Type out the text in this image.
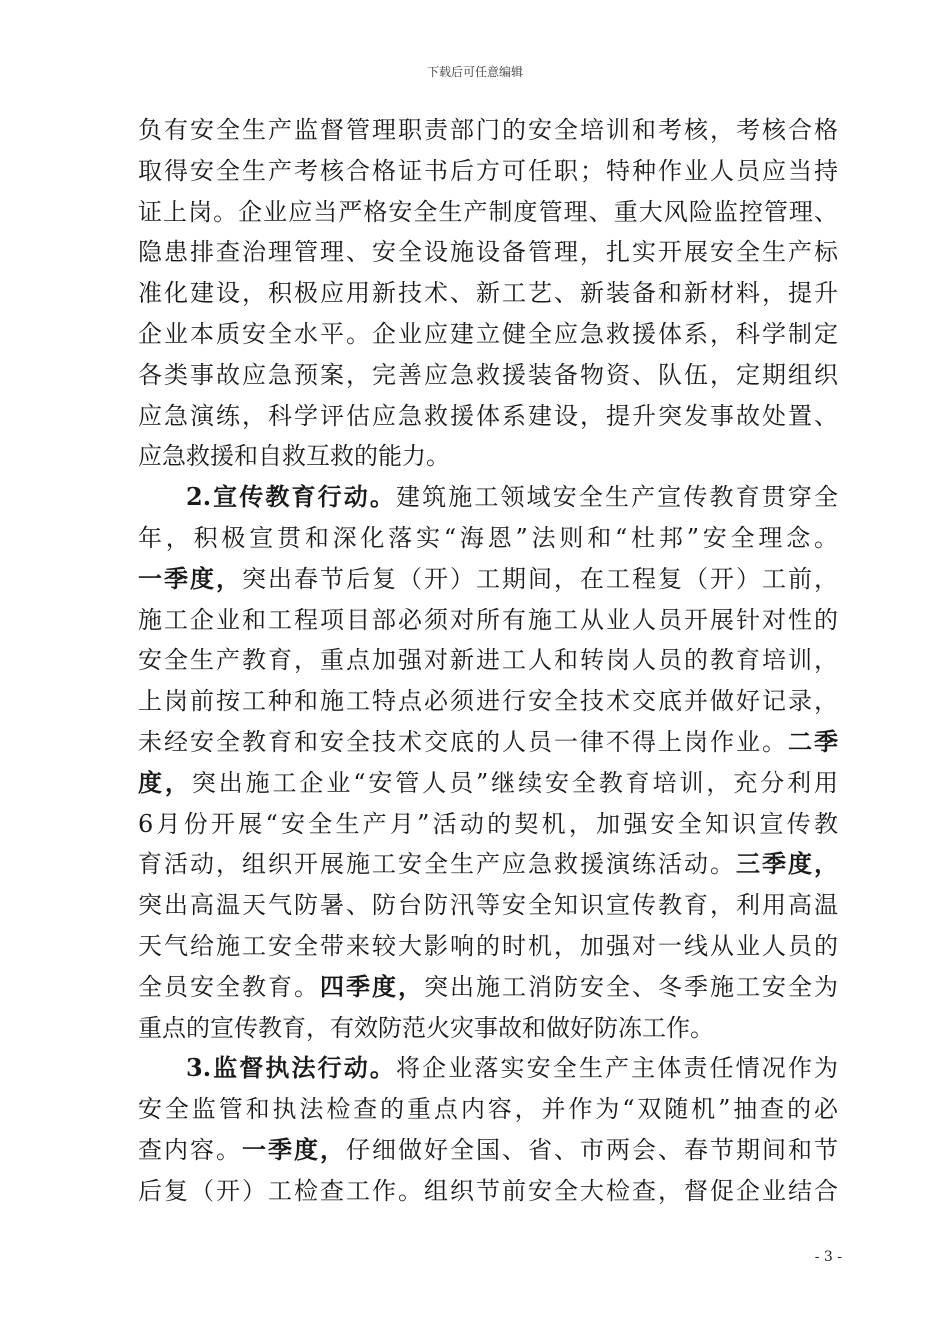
下载后可任意编辑
负有安全生产监督管理职责部门的安全培训和考核，考核合格
取得安全生产考核合格证书后方可任职；特种作业人员应当持
证上岗。企业应当严格安全生产制度管理、重大风险监控管理、
隐患排查治理管理、安全设施设备管理，扎实开展安全生产标
准化建设，积极应用新技术、新工艺、新装备和新材料，提升
企业本质安全水平。企业应建立健全应急救援体系，科学制定
各类事故应急预案，完善应急救援装备物资、队伍，定期组织
应急演练，科学评估应急救援体系建设，提升突发事故处置、
应急救援和自救互救的能力。
2.宣传教育行动。建筑施工领域安全生产宣传教育贯穿全
年，积极宣贯和深化落实“海恩”法则和“杜邦”安全理念。
一季度，突出春节后复（开）工期间，在工程复（开）工前，
施工企业和工程项目部必须对所有施工从业人员开展针对性的
安全生产教育，重点加强对新进工人和转岗人员的教育培训，
上岗前按工种和施工特点必须进行安全技术交底并做好记录，
未经安全教育和安全技术交底的人员一律不得上岗作业。二季
度，突出施工企业“安管人员”继续安全教育培训，充分利用
6月份开展“安全生产月”活动的契机，加强安全知识宣传教
育活动，组织开展施工安全生产应急救援演练活动。三季度，
突出高温天气防暑、防台防汛等安全知识宣传教育，利用高温
天气给施工安全带来较大影响的时机，加强对一线从业人员的
全员安全教育。四季度，突出施工消防安全、冬季施工安全为
重点的宣传教育，有效防范火灾事故和做好防冻工作。
3.监督执法行动。将企业落实安全生产主体责任情况作为
安全监管和执法检查的重点内容，并作为“双随机”抽查的必
查内容。一季度，仔细做好全国、省、市两会、春节期间和节
后复（开）工检查工作。组织节前安全大检查，督促企业结合
- 3 -
